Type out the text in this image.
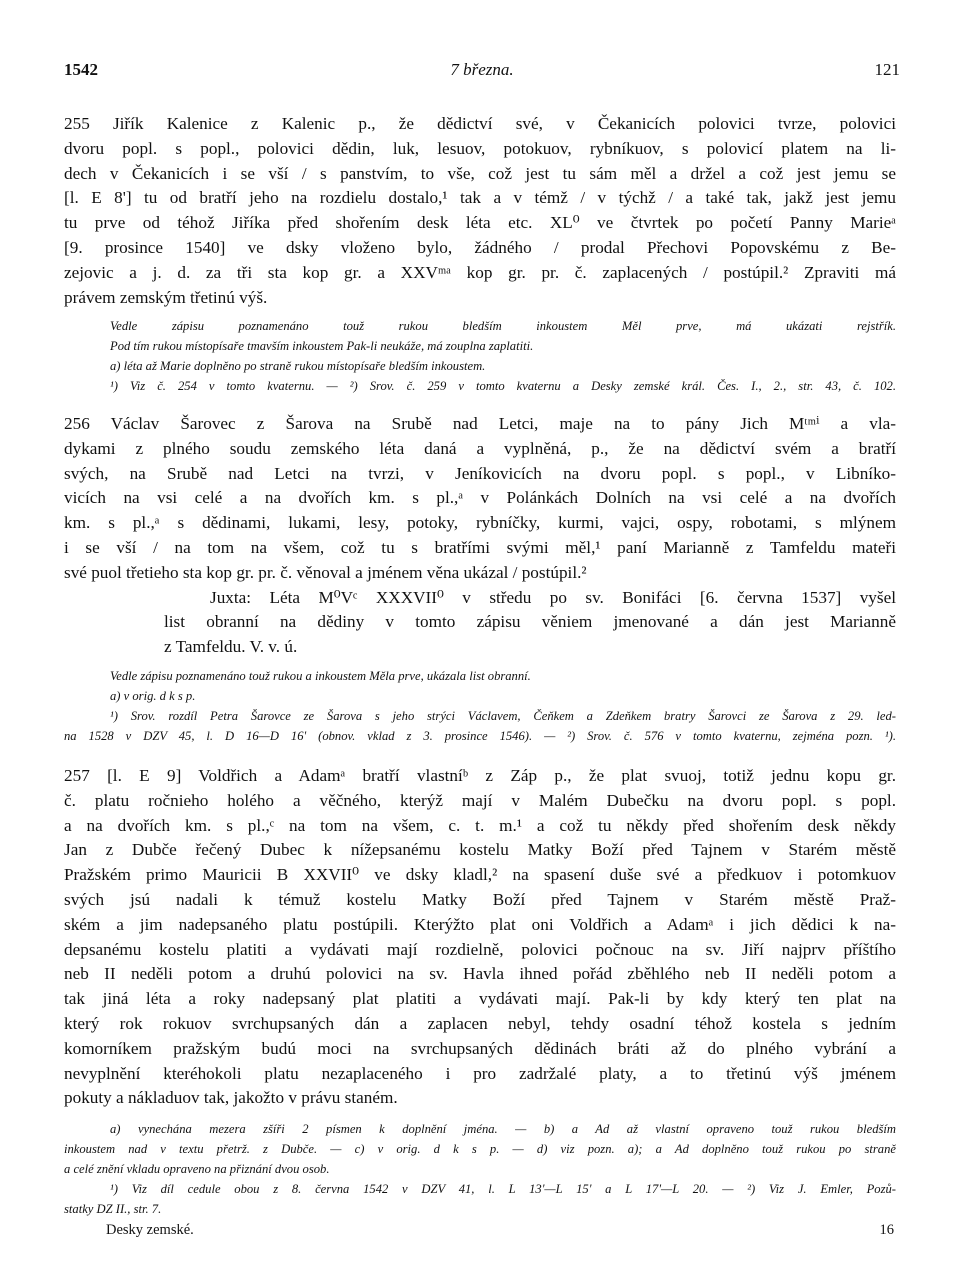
1542	7 března.	121
255 Jiřík Kalenice z Kalenic p., že dědictví své, v Čekanicích polovici tvrze, polovici
dvoru popl. s popl., polovici dědin, luk, lesuov, potokuov, rybníkuov, s polovicí platem na li-
dech v Čekanicích i se vší / s panstvím, to vše, což jest tu sám měl a držel a což jest jemu se
[l. E 8'] tu od bratří jeho na rozdielu dostalo,¹ tak a v témž / v týchž / a také tak, jakž jest jemu
tu prve od téhož Jiříka před shořením desk léta etc. XL⁰ ve čtvrtek po početí Panny Marieᵃ
[9. prosince 1540] ve dsky vloženo bylo, žádného / prodal Přechovi Popovskému z Be-
zejovic a j. d. za tři sta kop gr. a XXVᵐᵃ kop gr. pr. č. zaplacených / postúpil.² Zpraviti má
právem zemským třetinú výš.
Vedle zápisu poznamenáno touž rukou bledším inkoustem Měl prve, má ukázati rejstřík.
Pod tím rukou místopísaře tmavším inkoustem Pak-li neukáže, má zouplna zaplatiti.
a) léta až Marie doplněno po straně rukou místopísaře bledším inkoustem.
¹) Viz č. 254 v tomto kvaternu. — ²) Srov. č. 259 v tomto kvaternu a Desky zemské král. Čes. I., 2., str. 43, č. 102.
256 Václav Šarovec z Šarova na Srubě nad Letci, maje na to pány Jich Mᵗᵐⁱ a vla-
dykami z plného soudu zemského léta daná a vyplněná, p., že na dědictví svém a bratří
svých, na Srubě nad Letci na tvrzi, v Jeníkovicích na dvoru popl. s popl., v Libníko-
vicích na vsi celé a na dvořích km. s pl.,ᵃ v Polánkách Dolních na vsi celé a na dvořích
km. s pl.,ᵃ s dědinami, lukami, lesy, potoky, rybníčky, kurmi, vajci, ospy, robotami, s mlýnem
i se vší / na tom na všem, což tu s bratřími svými měl,¹ paní Marianně z Tamfeldu mateři
své puol třetieho sta kop gr. pr. č. věnoval a jménem věna ukázal / postúpil.²
Juxta: Léta M⁰Vᶜ XXXVII⁰ v středu po sv. Bonifáci [6. června 1537] vyšel
list obranní na dědiny v tomto zápisu věniem jmenované a dán jest Marianně
z Tamfeldu. V. v. ú.
Vedle zápisu poznamenáno touž rukou a inkoustem Měla prve, ukázala list obranní.
a) v orig. d k s p.
¹) Srov. rozdíl Petra Šarovce ze Šarova s jeho strýci Václavem, Čeňkem a Zdeňkem bratry Šarovci ze Šarova z 29. led-
na 1528 v DZV 45, l. D 16—D 16' (obnov. vklad z 3. prosince 1546). — ²) Srov. č. 576 v tomto kvaternu, zejména pozn. ¹).
257 [l. E 9] Voldřich a Adamᵃ bratří vlastníᵇ z Záp p., že plat svuoj, totiž jednu kopu gr.
č. platu ročnieho holého a věčného, kterýž mají v Malém Dubečku na dvoru popl. s popl.
a na dvořích km. s pl.,ᶜ na tom na všem, c. t. m.¹ a což tu někdy před shořením desk někdy
Jan z Dubče řečený Dubec k nížepsanému kostelu Matky Boží před Tajnem v Starém městě
Pražském primo Mauricii B XXVII⁰ ve dsky kladl,² na spasení duše své a předkuov i potomkuov
svých jsú nadali k témuž kostelu Matky Boží před Tajnem v Starém městě Praž-
ském a jim nadepsaného platu postúpili. Kterýžto plat oni Voldřich a Adamᵃ i jich dědici k na-
depsanému kostelu platiti a vydávati mají rozdielně, polovici počnouc na sv. Jiří najprv příštího
neb II neděli potom a druhú polovici na sv. Havla ihned pořád zběhlého neb II neděli potom a
tak jiná léta a roky nadepsaný plat platiti a vydávati mají. Pak-li by kdy který ten plat na
který rok rokuov svrchupsaných dán a zaplacen nebyl, tehdy osadní téhož kostela s jedním
komorníkem pražským budú moci na svrchupsaných dědinách bráti až do plného vybrání a
nevyplnění kteréhokoli platu nezaplaceného i pro zadržalé platy, a to třetinú výš jménem
pokuty a nákladuov tak, jakožto v právu staném.
a) vynechána mezera zšíři 2 písmen k doplnění jména. — b) a Ad až vlastní opraveno touž rukou bledším
inkoustem nad v textu přetrž. z Dubče. — c) v orig. d k s p. — d) viz pozn. a); a Ad doplněno touž rukou po straně
a celé znění vkladu opraveno na přiznání dvou osob.
¹) Viz díl cedule obou z 8. června 1542 v DZV 41, l. L 13'—L 15' a L 17'—L 20. — ²) Viz J. Emler, Pozů-
statky DZ II., str. 7.
Desky zemské.	16
